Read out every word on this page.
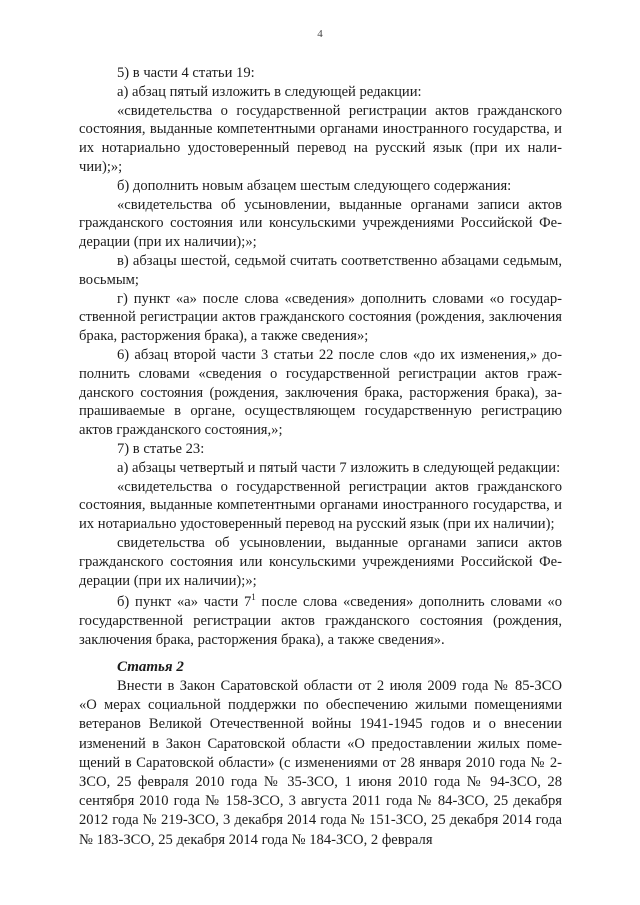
4

5) в части 4 статьи 19:

а) абзац пятый изложить в следующей редакции:

«свидетельства о государственной регистрации актов гражданского состояния, выданные компетентными органами иностранного государства, и их нотариально удостоверенный перевод на русский язык (при их наличии);»;

б) дополнить новым абзацем шестым следующего содержания:

«свидетельства об усыновлении, выданные органами записи актов гражданского состояния или консульскими учреждениями Российской Федерации (при их наличии);»;

в) абзацы шестой, седьмой считать соответственно абзацами седьмым, восьмым;

г) пункт «а» после слова «сведения» дополнить словами «о государственной регистрации актов гражданского состояния (рождения, заключения брака, расторжения брака), а также сведения»;

6) абзац второй части 3 статьи 22 после слов «до их изменения,» дополнить словами «сведения о государственной регистрации актов гражданского состояния (рождения, заключения брака, расторжения брака), запрашиваемые в органе, осуществляющем государственную регистрацию актов гражданского состояния,»;

7) в статье 23:

а) абзацы четвертый и пятый части 7 изложить в следующей редакции:

«свидетельства о государственной регистрации актов гражданского состояния, выданные компетентными органами иностранного государства, и их нотариально удостоверенный перевод на русский язык (при их наличии);

свидетельства об усыновлении, выданные органами записи актов гражданского состояния или консульскими учреждениями Российской Федерации (при их наличии);»;

б) пункт «а» части $7^1$ после слова «сведения» дополнить словами «о государственной регистрации актов гражданского состояния (рождения, заключения брака, расторжения брака), а также сведения».

Статья 2

Внести в Закон Саратовской области от 2 июля 2009 года № 85-ЗСО «О мерах социальной поддержки по обеспечению жилыми помещениями ветеранов Великой Отечественной войны 1941-1945 годов и о внесении изменений в Закон Саратовской области «О предоставлении жилых помещений в Саратовской области» (с изменениями от 28 января 2010 года № 2-ЗСО, 25 февраля 2010 года № 35-ЗСО, 1 июня 2010 года № 94-ЗСО, 28 сентября 2010 года № 158-ЗСО, 3 августа 2011 года № 84-ЗСО, 25 декабря 2012 года № 219-ЗСО, 3 декабря 2014 года № 151-ЗСО, 25 декабря 2014 года № 183-ЗСО, 25 декабря 2014 года № 184-ЗСО, 2 февраля
